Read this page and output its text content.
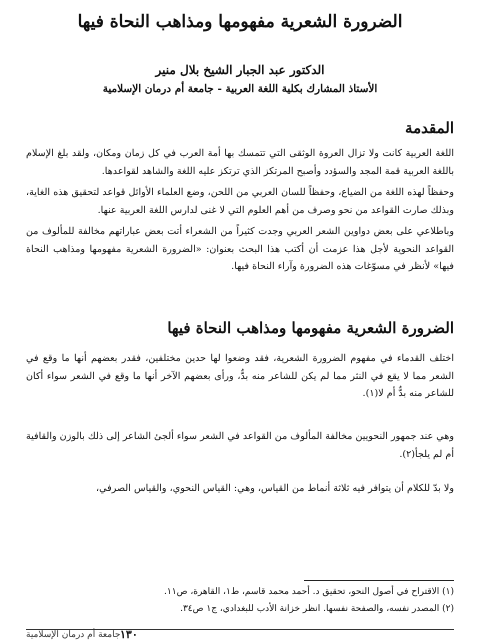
الضرورة الشعرية مفهومها ومذاهب النحاة فيها
الدكتور عبد الجبار الشيخ بلال منير
الأستاذ المشارك بكلية اللغة العربية - جامعة أم درمان الإسلامية
المقدمة

اللغة العربية كانت ولا تزال العروة الوثقى التي تتمسك بها أمة العرب في كل زمان ومكان، ولقد بلغ الإسلام باللغة العربية قمة المجد والسؤدد وأصبح المرتكز الذي ترتكز عليه اللغة والشاهد لقواعدها.

وحفظاً لهذه اللغة من الضياع، وحفظاً للسان العربي من اللحن، وضع العلماء الأوائل قواعد لتحقيق هذه الغاية، وبذلك صارت القواعد من نحو وصرف من أهم العلوم التي لا غنى لدارس اللغة العربية عنها.

وباطلاعي على بعض دواوين الشعر العربي وجدت كثيراً من الشعراء أتت بعض عباراتهم مخالفة للمألوف من القواعد النحوية لأجل هذا عزمت أن أكتب هذا البحث بعنوان: «الضرورة الشعرية مفهومها ومذاهب النحاة فيها» لأنظر في مسوّغات هذه الضرورة وآراء النحاة فيها.

الضرورة الشعرية مفهومها ومذاهب النحاة فيها

اختلف القدماء في مفهوم الضرورة الشعرية، فقد وضعوا لها حدين مختلفين، فقدر بعضهم أنها ما وقع في الشعر مما لا يقع في النثر مما لم يكن للشاعر منه بدٌّ، ورأى بعضهم الآخر أنها ما وقع في الشعر سواء أكان للشاعر منه بدٌّ أم لا(١).

وهي عند جمهور النحويين مخالفة المألوف من القواعد في الشعر سواء ألجئ الشاعر إلى ذلك بالوزن والقافية أم لم يلجأ(٢).

ولا بدّ للكلام أن يتوافر فيه ثلاثة أنماط من القياس، وهي: القياس النحوي، والقياس الصرفي،

(١) الاقتراح في أصول النحو، تحقيق د. أحمد محمد قاسم، ط١، القاهرة، ص١١.
(٢) المصدر نفسه، والصفحة نفسها. انظر خزانة الأدب للبغدادي، ج١ ص٣٤.
١٣٠
جامعة أم درمان الإسلامية
